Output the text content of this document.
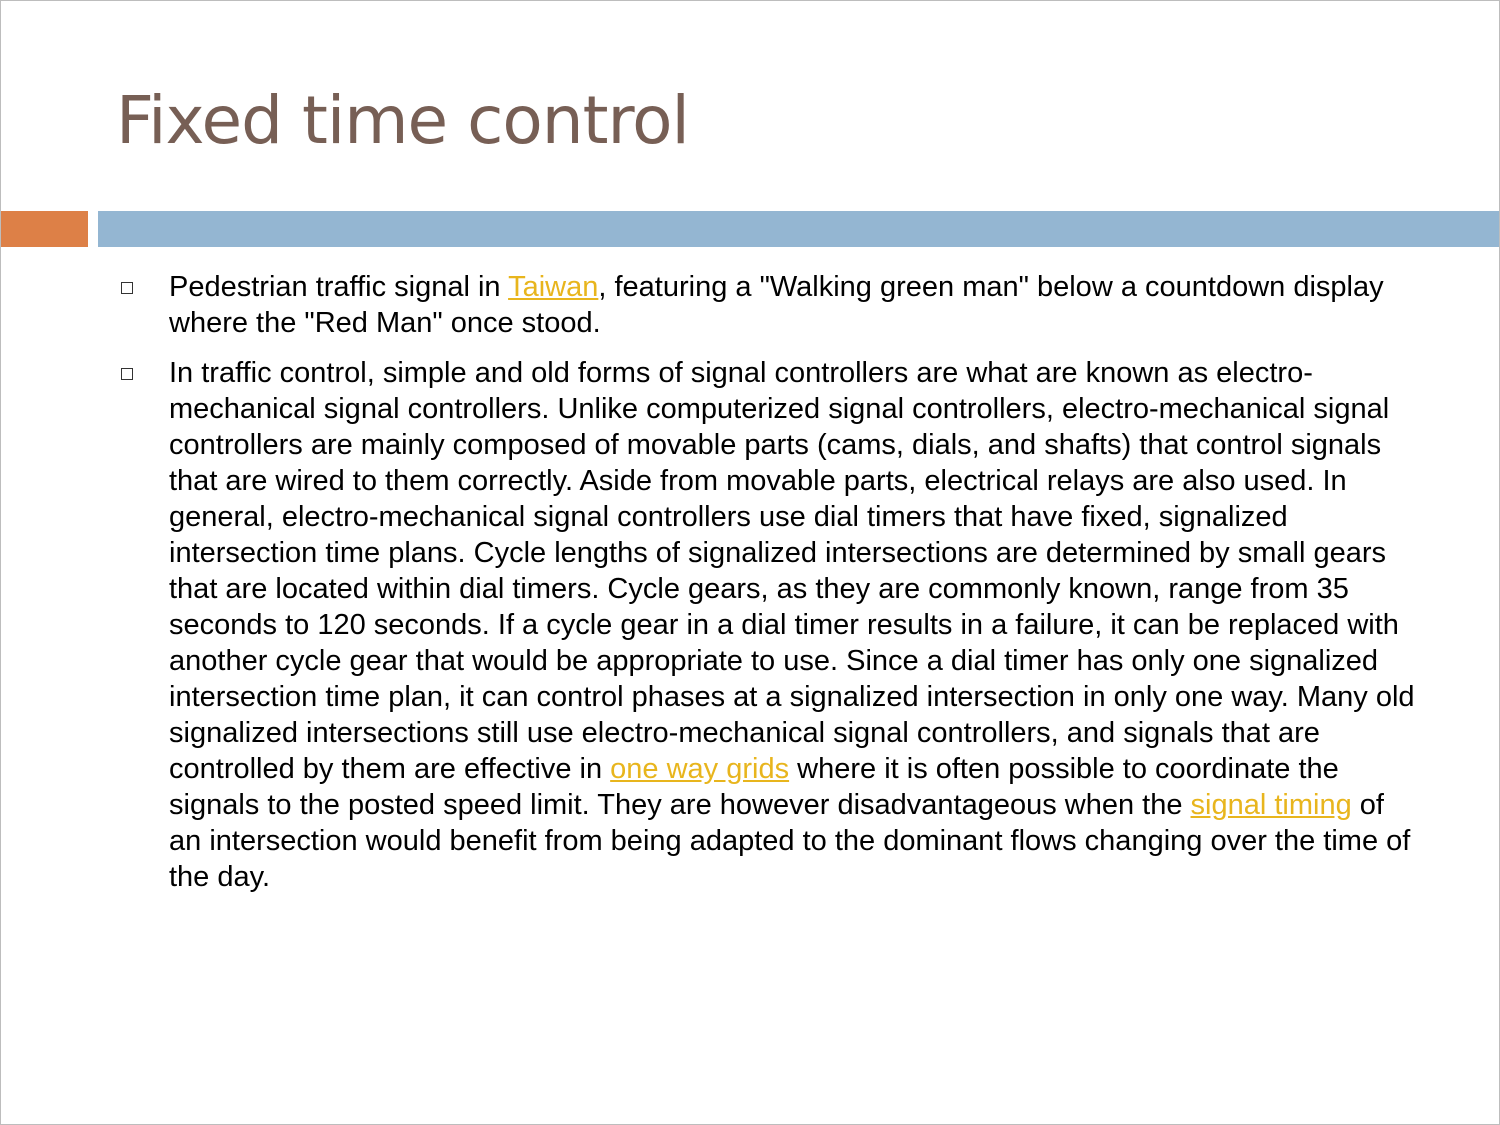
Fixed time control
Pedestrian traffic signal in Taiwan, featuring a "Walking green man" below a countdown display where the "Red Man" once stood.
In traffic control, simple and old forms of signal controllers are what are known as electro-mechanical signal controllers. Unlike computerized signal controllers, electro-mechanical signal controllers are mainly composed of movable parts (cams, dials, and shafts) that control signals that are wired to them correctly. Aside from movable parts, electrical relays are also used. In general, electro-mechanical signal controllers use dial timers that have fixed, signalized intersection time plans. Cycle lengths of signalized intersections are determined by small gears that are located within dial timers. Cycle gears, as they are commonly known, range from 35 seconds to 120 seconds. If a cycle gear in a dial timer results in a failure, it can be replaced with another cycle gear that would be appropriate to use. Since a dial timer has only one signalized intersection time plan, it can control phases at a signalized intersection in only one way. Many old signalized intersections still use electro-mechanical signal controllers, and signals that are controlled by them are effective in one way grids where it is often possible to coordinate the signals to the posted speed limit. They are however disadvantageous when the signal timing of an intersection would benefit from being adapted to the dominant flows changing over the time of the day.
